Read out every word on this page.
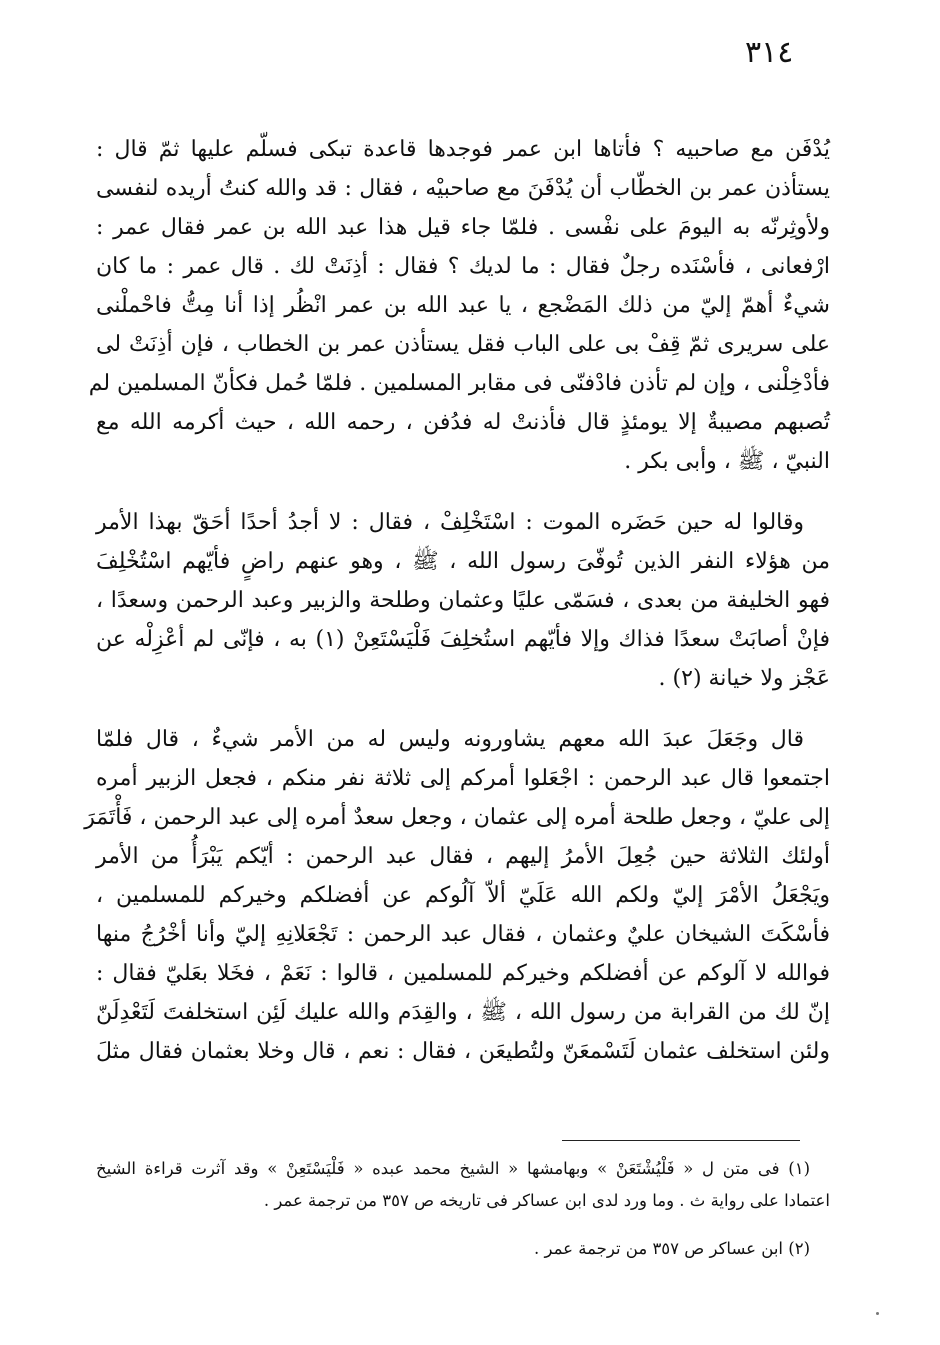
٣١٤
يُدْفَن مع صاحبيه ؟ فأتاها ابن عمر فوجدها قاعدة تبكى فسلّم عليها ثمّ قال :
يستأذن عمر بن الخطّاب أن يُدْفَنَ مع صاحبيْه ، فقال : قد والله كنتُ أريده لنفسى
ولأوثِرنّه به اليومَ على نفْسى . فلمّا جاء قيل هذا عبد الله بن عمر فقال عمر :
ارْفعانى ، فأسْنَده رجلٌ فقال : ما لديك ؟ فقال : أذِنَتْ لك . قال عمر : ما كان
شيءٌ أهمّ إليّ من ذلك المَضْجع ، يا عبد الله بن عمر انْظُر إذا أنا مِتُّ فاحْملْنى
على سريرى ثمّ قِفْ بى على الباب فقل يستأذن عمر بن الخطاب ، فإن أذِنَتْ لى
فأدْخِلْنى ، وإن لم تأذن فادْفنّى فى مقابر المسلمين . فلمّا حُمل فكأنّ المسلمين لم
تُصبهم مصيبةٌ إلا يومئذٍ قال فأذنتْ له فدُفن ، رحمه الله ، حيث أكرمه الله مع
النبيّ ، ﷺ ، وأبى بكر .
وقالوا له حين حَضَره الموت : اسْتَخْلِفْ ، فقال : لا أجدُ أحدًا أحَقّ بهذا الأمر
من هؤلاء النفر الذين تُوفّىَ رسول الله ، ﷺ ، وهو عنهم راضٍ فأيّهم اسْتُخْلِفَ
فهو الخليفة من بعدى ، فسَمّى عليًا وعثمان وطلحة والزبير وعبد الرحمن وسعدًا ،
فإنْ أصابَتْ سعدًا فذاك وإلا فأيّهم استُخلِفَ فَلْيَسْتَعِنْ (١) به ، فإنّى لم أعْزِلْه عن
عَجْز ولا خيانة (٢) .
قال وجَعَلَ عبدَ الله معهم يشاورونه وليس له من الأمر شيءٌ ، قال فلمّا
اجتمعوا قال عبد الرحمن : اجْعَلوا أمركم إلى ثلاثة نفر منكم ، فجعل الزبير أمره
إلى عليّ ، وجعل طلحة أمره إلى عثمان ، وجعل سعدٌ أمره إلى عبد الرحمن ، فَأْتَمَرَ
أولئك الثلاثة حين جُعِلَ الأمرُ إليهم ، فقال عبد الرحمن : أيّكم يَبْرَأُ من الأمر
ويَجْعَلُ الأمْرَ إليّ ولكم الله عَلَيّ ألاّ آلُوكم عن أفضلكم وخيركم للمسلمين ،
فأسْكَتَ الشيخان عليٌ وعثمان ، فقال عبد الرحمن : تَجْعَلانِهِ إليّ وأنا أخْرُجُ منها
فوالله لا آلوكم عن أفضلكم وخيركم للمسلمين ، قالوا : نَعَمْ ، فخَلا بعَليّ فقال :
إنّ لك من القرابة من رسول الله ، ﷺ ، والقِدَم والله عليك لَئِن استخلفتَ لَتَعْدِلَنّ
ولئن استخلف عثمان لَتَسْمعَنّ ولتُطيعَن ، فقال : نعم ، قال وخلا بعثمان فقال مثلَ
(١) فى متن ل « فَلْيُشْتَعَنْ » وبهامشها « الشيخ محمد عبده « فَلْيَسْتَعِنْ » وقد آثرت قراءة الشيخ
اعتمادا على رواية ث . وما ورد لدى ابن عساكر فى تاريخه ص ٣٥٧ من ترجمة عمر .
(٢) ابن عساكر ص ٣٥٧ من ترجمة عمر .
